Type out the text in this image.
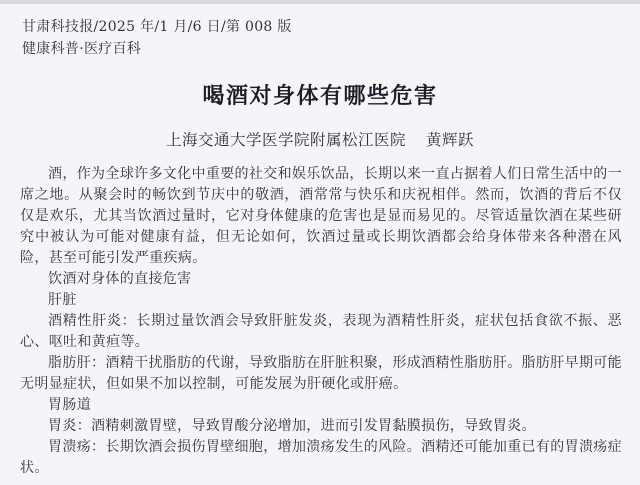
甘肃科技报/2025 年/1 月/6 日/第 008 版
健康科普·医疗百科
喝酒对身体有哪些危害
上海交通大学医学院附属松江医院 黄辉跃

酒，作为全球许多文化中重要的社交和娱乐饮品，长期以来一直占据着人们日常生活中的一席之地。从聚会时的畅饮到节庆中的敬酒，酒常常与快乐和庆祝相伴。然而，饮酒的背后不仅仅是欢乐，尤其当饮酒过量时，它对身体健康的危害也是显而易见的。尽管适量饮酒在某些研究中被认为可能对健康有益，但无论如何，饮酒过量或长期饮酒都会给身体带来各种潜在风险，甚至可能引发严重疾病。

饮酒对身体的直接危害

肝脏

酒精性肝炎：长期过量饮酒会导致肝脏发炎，表现为酒精性肝炎，症状包括食欲不振、恶心、呕吐和黄疸等。

脂肪肝：酒精干扰脂肪的代谢，导致脂肪在肝脏积聚，形成酒精性脂肪肝。脂肪肝早期可能无明显症状，但如果不加以控制，可能发展为肝硬化或肝癌。

胃肠道

胃炎：酒精刺激胃壁，导致胃酸分泌增加，进而引发胃黏膜损伤，导致胃炎。

胃溃疡：长期饮酒会损伤胃壁细胞，增加溃疡发生的风险。酒精还可能加重已有的胃溃疡症状。
